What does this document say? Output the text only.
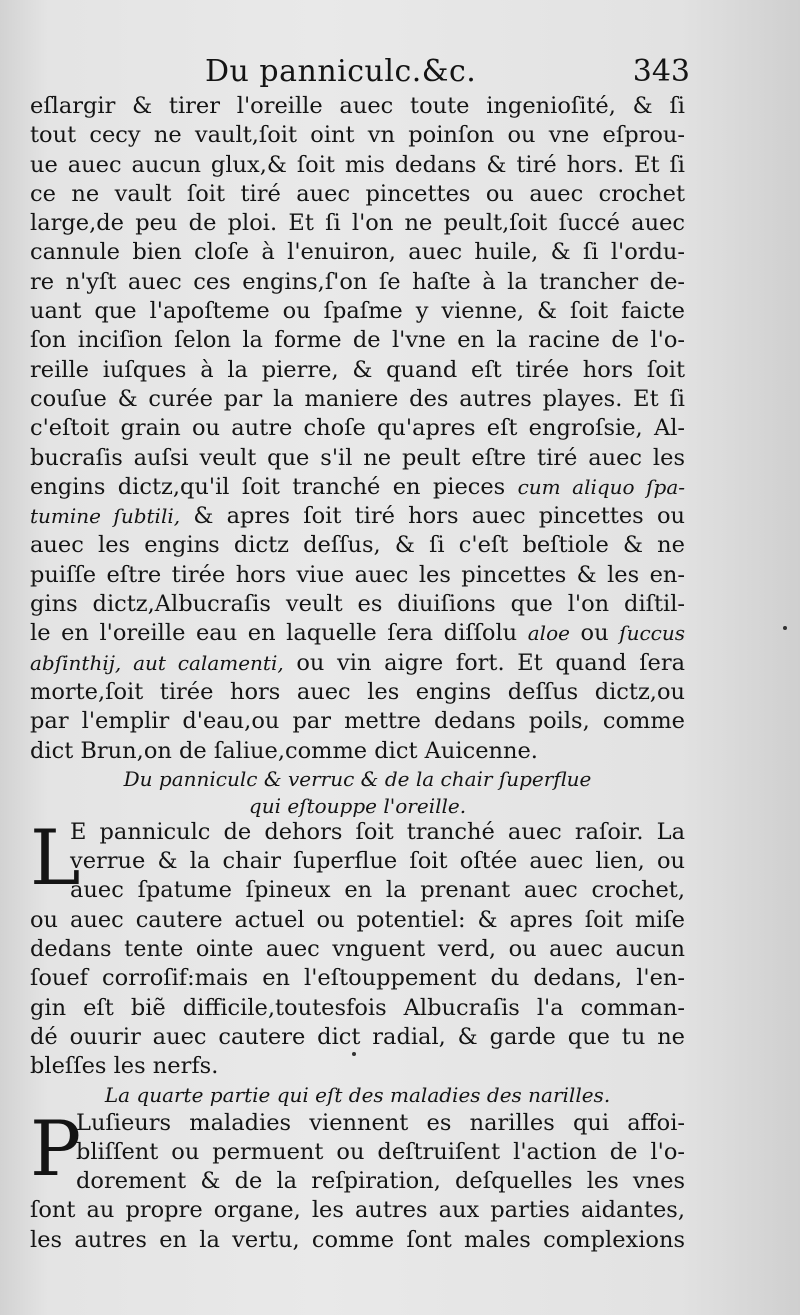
Du panniculc.&c.	343
eſlargir & tirer l'oreille auec toute ingenioſité, & ſi
tout cecy ne vault,ſoit oint vn poinſon ou vne eſprou-
ue auec aucun glux,& ſoit mis dedans & tiré hors. Et ſi
ce ne vault ſoit tiré auec pincettes ou auec crochet
large,de peu de ploi. Et ſi l'on ne peult,ſoit ſuccé auec
cannule bien cloſe à l'enuiron, auec huile, & ſi l'ordu-
re n'yſt auec ces engins,ſ'on ſe haſte à la trancher de-
uant que l'apoſteme ou ſpaſme y vienne, & ſoit faicte
ſon inciſion ſelon la forme de l'vne en la racine de l'o-
reille iuſques à la pierre, & quand eſt tirée hors ſoit
couſue & curée par la maniere des autres playes. Et ſi
c'eſtoit grain ou autre choſe qu'apres eſt engroſsie, Al-
bucraſis auſsi veult que s'il ne peult eſtre tiré auec les
engins dictz,qu'il ſoit tranché en pieces cum aliquo ſpa-
tumine ſubtili, & apres ſoit tiré hors auec pincettes ou
auec les engins dictz deſſus, & ſi c'eſt beſtiole & ne
puiſſe eſtre tirée hors viue auec les pincettes & les en-
gins dictz,Albucraſis veult es diuiſions que l'on diſtil-
le en l'oreille eau en laquelle ſera diſſolu aloe ou ſuccus
abſinthij, aut calamenti, ou vin aigre fort. Et quand ſera
morte,ſoit tirée hors auec les engins deſſus dictz,ou
par l'emplir d'eau,ou par mettre dedans poils, comme
dict Brun,on de ſaliue,comme dict Auicenne.
Du panniculc & verruc & de la chair ſuperflue
qui eſtouppe l'oreille.
L
E panniculc de dehors ſoit tranché auec raſoir. La
verrue & la chair ſuperflue ſoit oſtée auec lien, ou
auec ſpatume ſpineux en la prenant auec crochet,
ou auec cautere actuel ou potentiel: & apres ſoit miſe
dedans tente ointe auec vnguent verd, ou auec aucun
ſouef corroſif:mais en l'eſtouppement du dedans, l'en-
gin eſt biẽ difficile,toutesfois Albucraſis l'a comman-
dé ouurir auec cautere dict radial, & garde que tu ne
bleſſes les nerfs.
La quarte partie qui eſt des maladies des narilles.
P
Luſieurs maladies viennent es narilles qui affoi-
bliſſent ou permuent ou deſtruiſent l'action de l'o-
dorement & de la reſpiration, deſquelles les vnes
ſont au propre organe, les autres aux parties aidantes,
les autres en la vertu, comme ſont males complexions
